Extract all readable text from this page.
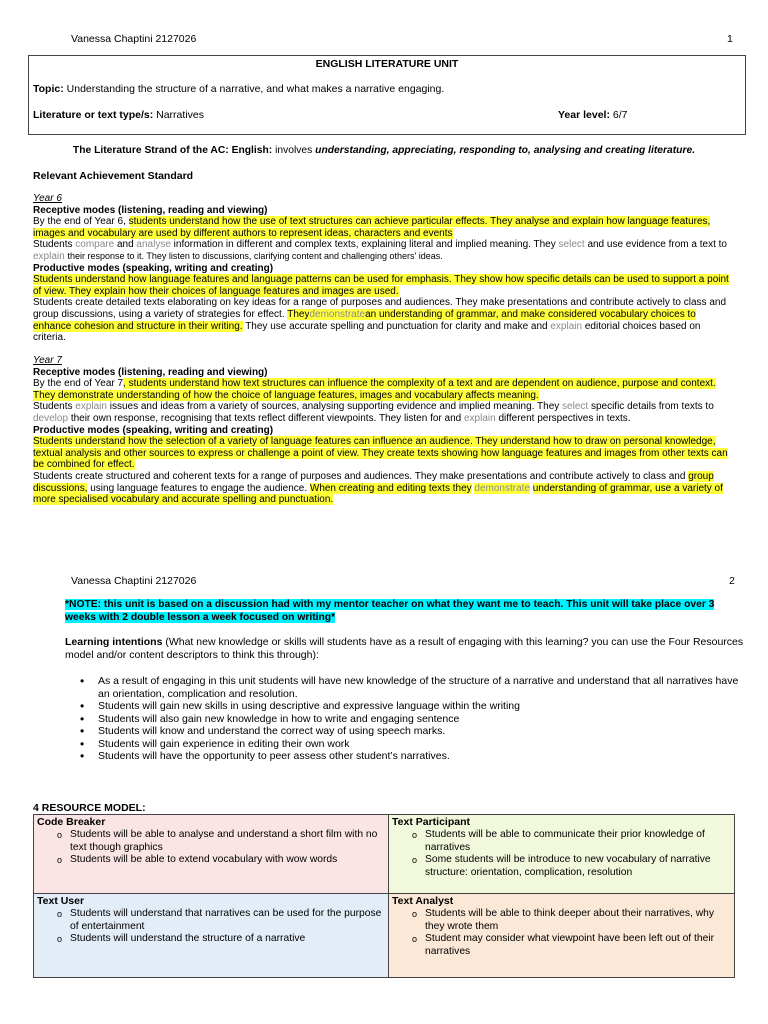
Vanessa Chaptini 2127026	1
ENGLISH LITERATURE UNIT
Topic: Understanding the structure of a narrative, and what makes a narrative engaging.
Literature or text type/s: Narratives	Year level: 6/7
The Literature Strand of the AC: English: involves understanding, appreciating, responding to, analysing and creating literature.
Relevant Achievement Standard

Year 6

Receptive modes (listening, reading and viewing)

By the end of Year 6, students understand how the use of text structures can achieve particular effects. They analyse and explain how language features, images and vocabulary are used by different authors to represent ideas, characters and events

Students compare and analyse information in different and complex texts, explaining literal and implied meaning. They select and use evidence from a text to explain their response to it. They listen to discussions, clarifying content and challenging others' ideas.

Productive modes (speaking, writing and creating)

Students understand how language features and language patterns can be used for emphasis. They show how specific details can be used to support a point of view. They explain how their choices of language features and images are used.

Students create detailed texts elaborating on key ideas for a range of purposes and audiences. They make presentations and contribute actively to class and group discussions, using a variety of strategies for effect. Theydemonstratean understanding of grammar, and make considered vocabulary choices to enhance cohesion and structure in their writing. They use accurate spelling and punctuation for clarity and make and explain editorial choices based on criteria.

Year 7

Receptive modes (listening, reading and viewing)

By the end of Year 7, students understand how text structures can influence the complexity of a text and are dependent on audience, purpose and context. They demonstrate understanding of how the choice of language features, images and vocabulary affects meaning.

Students explain issues and ideas from a variety of sources, analysing supporting evidence and implied meaning. They select specific details from texts to develop their own response, recognising that texts reflect different viewpoints. They listen for and explain different perspectives in texts.

Productive modes (speaking, writing and creating)

Students understand how the selection of a variety of language features can influence an audience. They understand how to draw on personal knowledge, textual analysis and other sources to express or challenge a point of view. They create texts showing how language features and images from other texts can be combined for effect.

Students create structured and coherent texts for a range of purposes and audiences. They make presentations and contribute actively to class and group discussions, using language features to engage the audience. When creating and editing texts they demonstrate understanding of grammar, use a variety of more specialised vocabulary and accurate spelling and punctuation.

Vanessa Chaptini 2127026	2
*NOTE: this unit is based on a discussion had with my mentor teacher on what they want me to teach. This unit will take place over 3 weeks with 2 double lesson a week focused on writing*
Learning intentions (What new knowledge or skills will students have as a result of engaging with this learning? you can use the Four Resources model and/or content descriptors to think this through):
• As a result of engaging in this unit students will have new knowledge of the structure of a narrative and understand that all narratives have an orientation, complication and resolution.
• Students will gain new skills in using descriptive and expressive language within the writing
• Students will also gain new knowledge in how to write and engaging sentence
• Students will know and understand the correct way of using speech marks.
• Students will gain experience in editing their own work
• Students will have the opportunity to peer assess other student’s narratives.
4 RESOURCE MODEL:
Code Breaker
o Students will be able to analyse and understand a short film with no text though graphics
o Students will be able to extend vocabulary with wow words
Text Participant
o Students will be able to communicate their prior knowledge of narratives
o Some students will be introduce to new vocabulary of narrative structure: orientation, complication, resolution
Text User
o Students will understand that narratives can be used for the purpose of entertainment
o Students will understand the structure of a narrative
Text Analyst
o Students will be able to think deeper about their narratives, why they wrote them
o Student may consider what viewpoint have been left out of their narratives
